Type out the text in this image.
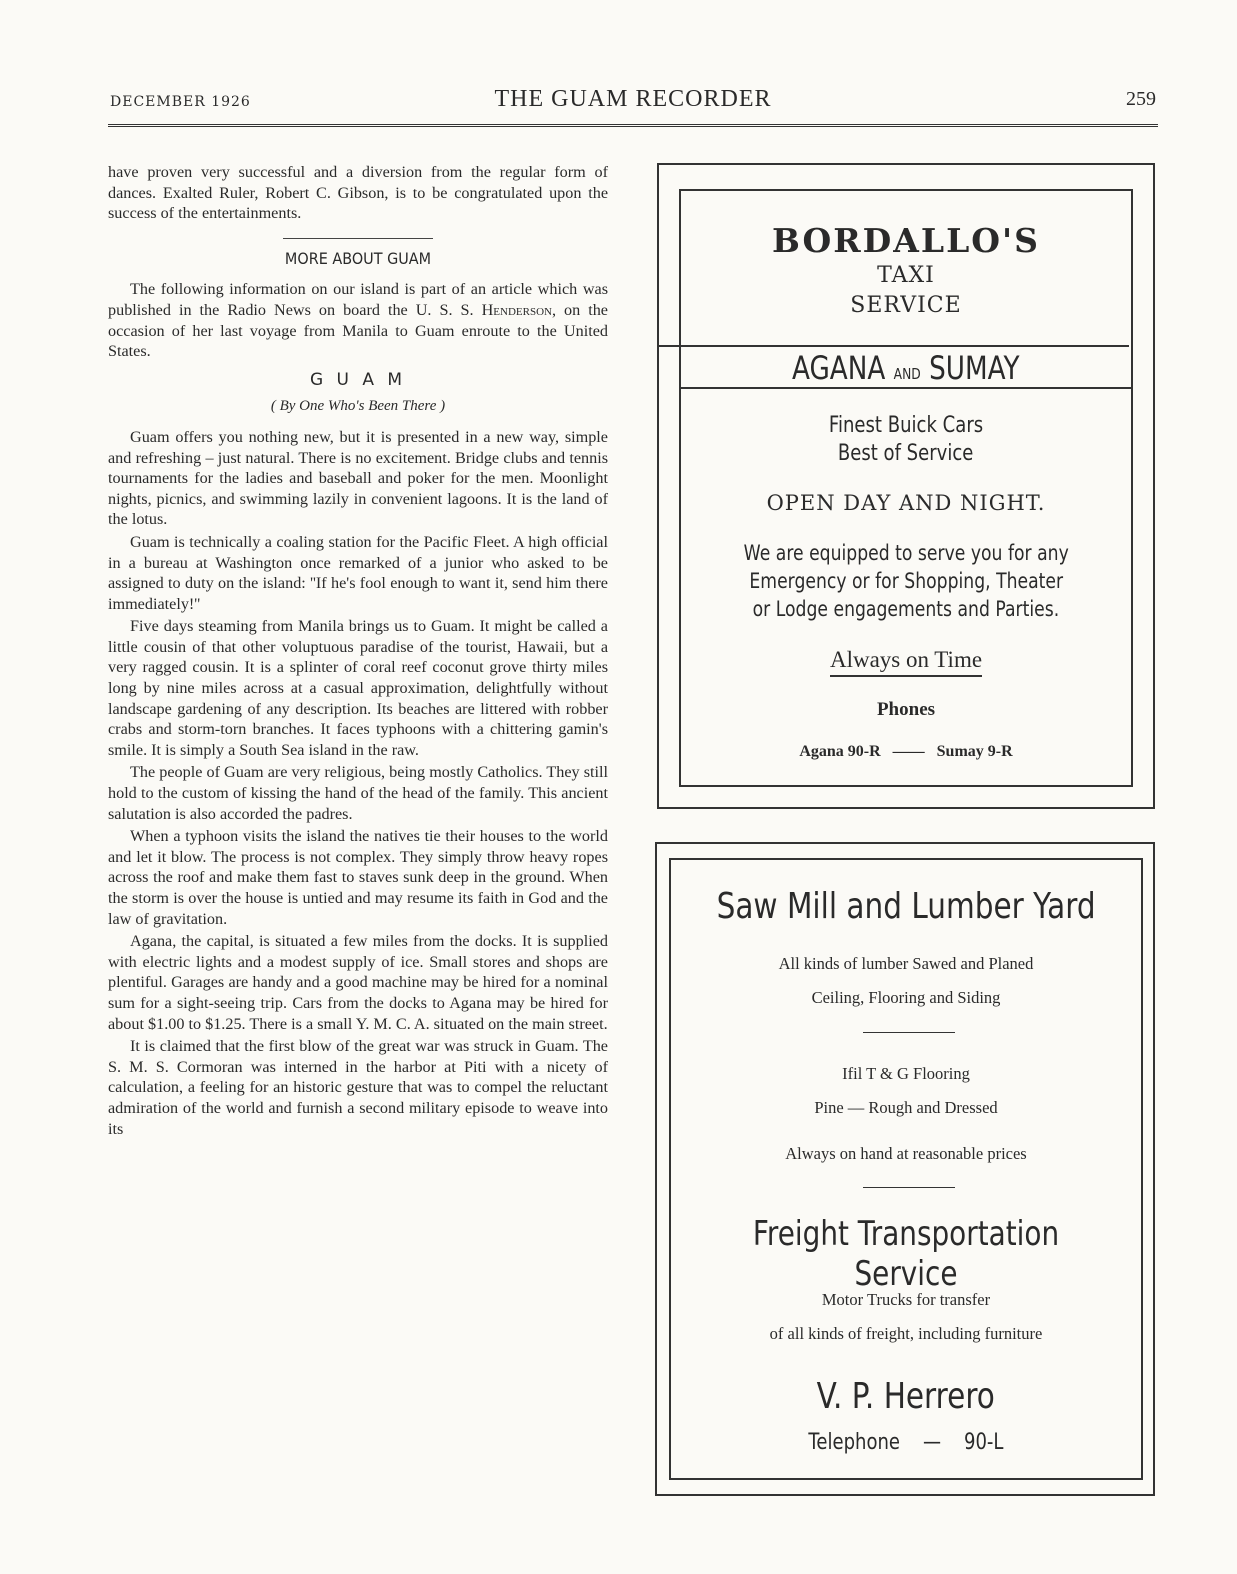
DECEMBER 1926	THE GUAM RECORDER	259

have proven very successful and a diversion from the regular form of dances. Exalted Ruler, Robert C. Gibson, is to be congratulated upon the success of the entertainments.

MORE ABOUT GUAM

The following information on our island is part of an article which was published in the Radio News on board the U. S. S. Henderson, on the occasion of her last voyage from Manila to Guam enroute to the United States.

G U A M
( By One Who's Been There )

Guam offers you nothing new, but it is presented in a new way, simple and refreshing – just natural. There is no excitement. Bridge clubs and tennis tournaments for the ladies and baseball and poker for the men. Moonlight nights, picnics, and swimming lazily in convenient lagoons. It is the land of the lotus.

Guam is technically a coaling station for the Pacific Fleet. A high official in a bureau at Washington once remarked of a junior who asked to be assigned to duty on the island: ''If he's fool enough to want it, send him there immediately!''

Five days steaming from Manila brings us to Guam. It might be called a little cousin of that other voluptuous paradise of the tourist, Hawaii, but a very ragged cousin. It is a splinter of coral reef coconut grove thirty miles long by nine miles across at a casual approximation, delightfully without landscape gardening of any description. Its beaches are littered with robber crabs and storm-torn branches. It faces typhoons with a chittering gamin's smile. It is simply a South Sea island in the raw.

The people of Guam are very religious, being mostly Catholics. They still hold to the custom of kissing the hand of the head of the family. This ancient salutation is also accorded the padres.

When a typhoon visits the island the natives tie their houses to the world and let it blow. The process is not complex. They simply throw heavy ropes across the roof and make them fast to staves sunk deep in the ground. When the storm is over the house is untied and may resume its faith in God and the law of gravitation.

Agana, the capital, is situated a few miles from the docks. It is supplied with electric lights and a modest supply of ice. Small stores and shops are plentiful. Garages are handy and a good machine may be hired for a nominal sum for a sight-seeing trip. Cars from the docks to Agana may be hired for about $1.00 to $1.25. There is a small Y. M. C. A. situated on the main street.

It is claimed that the first blow of the great war was struck in Guam. The S. M. S. Cormoran was interned in the harbor at Piti with a nicety of calculation, a feeling for an historic gesture that was to compel the reluctant admiration of the world and furnish a second military episode to weave into its

BORDALLO'S
TAXI
SERVICE
AGANA AND SUMAY
Finest Buick Cars
Best of Service
OPEN DAY AND NIGHT.
We are equipped to serve you for any
Emergency or for Shopping, Theater
or Lodge engagements and Parties.
Always on Time
Phones
Agana 90-R —— Sumay 9-R
Saw Mill and Lumber Yard
All kinds of lumber Sawed and Planed
Ceiling, Flooring and Siding
Ifil T & G Flooring
Pine — Rough and Dressed
Always on hand at reasonable prices
Freight Transportation Service
Motor Trucks for transfer
of all kinds of freight, including furniture
V. P. Herrero
Telephone — 90-L
